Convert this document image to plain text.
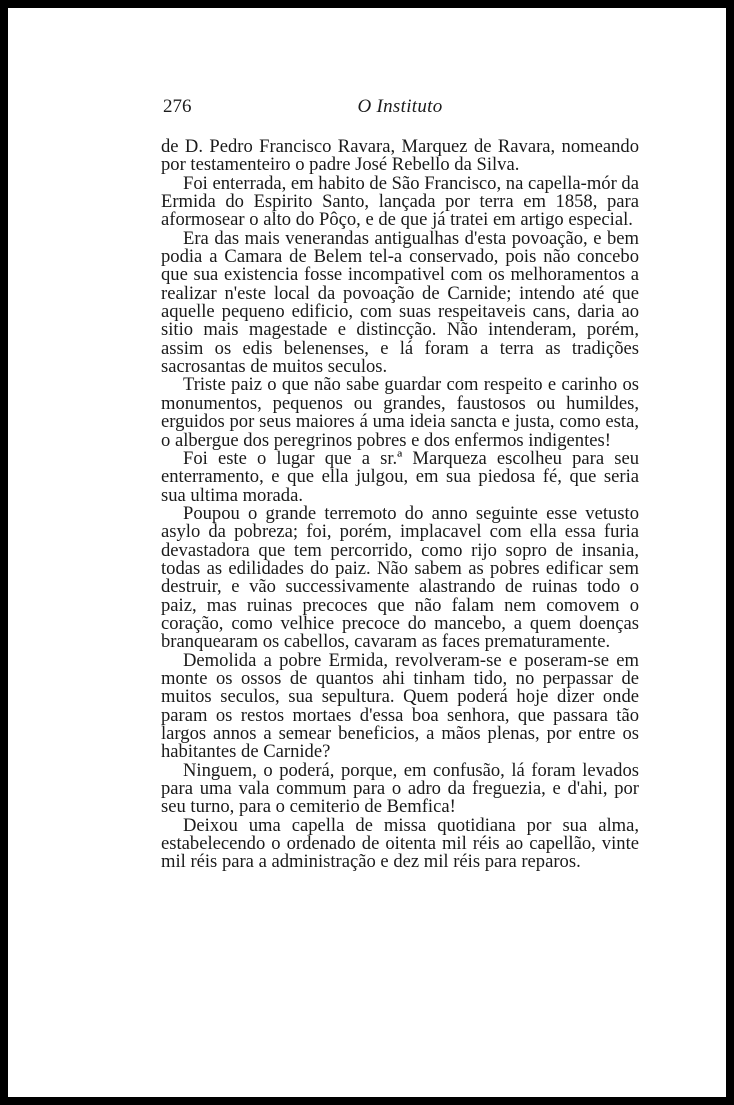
276	O Instituto

de D. Pedro Francisco Ravara, Marquez de Ravara, nomeando por testamenteiro o padre José Rebello da Silva.

Foi enterrada, em habito de São Francisco, na capella-mór da Ermida do Espirito Santo, lançada por terra em 1858, para aformosear o alto do Pôço, e de que já tratei em artigo especial.

Era das mais venerandas antigualhas d'esta povoação, e bem podia a Camara de Belem tel-a conservado, pois não concebo que sua existencia fosse incompativel com os melhoramentos a realizar n'este local da povoação de Carnide; intendo até que aquelle pequeno edificio, com suas respeitaveis cans, daria ao sitio mais magestade e distincção. Não intenderam, porém, assim os edis belenenses, e lá foram a terra as tradições sacrosantas de muitos seculos.

Triste paiz o que não sabe guardar com respeito e carinho os monumentos, pequenos ou grandes, faustosos ou humildes, erguidos por seus maiores á uma ideia sancta e justa, como esta, o albergue dos peregrinos pobres e dos enfermos indigentes!

Foi este o lugar que a sr.ª Marqueza escolheu para seu enterramento, e que ella julgou, em sua piedosa fé, que seria sua ultima morada.

Poupou o grande terremoto do anno seguinte esse vetusto asylo da pobreza; foi, porém, implacavel com ella essa furia devastadora que tem percorrido, como rijo sopro de insania, todas as edilidades do paiz. Não sabem as pobres edificar sem destruir, e vão successivamente alastrando de ruinas todo o paiz, mas ruinas precoces que não falam nem comovem o coração, como velhice precoce do mancebo, a quem doenças branquearam os cabellos, cavaram as faces prematuramente.

Demolida a pobre Ermida, revolveram-se e poseram-se em monte os ossos de quantos ahi tinham tido, no perpassar de muitos seculos, sua sepultura. Quem poderá hoje dizer onde param os restos mortaes d'essa boa senhora, que passara tão largos annos a semear beneficios, a mãos plenas, por entre os habitantes de Carnide?

Ninguem, o poderá, porque, em confusão, lá foram levados para uma vala commum para o adro da freguezia, e d'ahi, por seu turno, para o cemiterio de Bemfica!

Deixou uma capella de missa quotidiana por sua alma, estabelecendo o ordenado de oitenta mil réis ao capellão, vinte mil réis para a administração e dez mil réis para reparos.
